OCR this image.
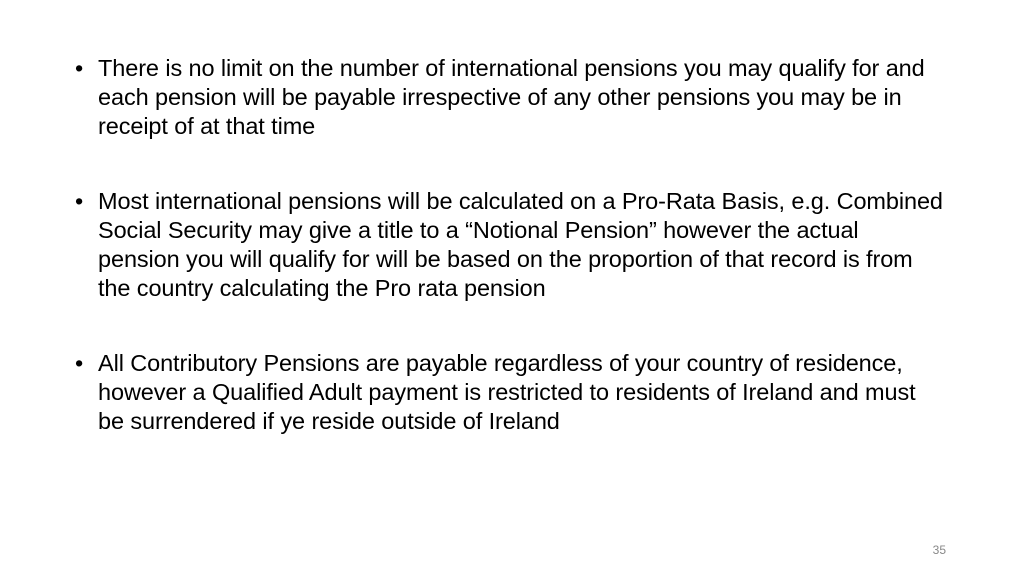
• There is no limit on the number of international pensions you may qualify for and each pension will be payable irrespective of any other pensions you may be in receipt of at that time
• Most international pensions will be calculated on a Pro-Rata Basis, e.g. Combined Social Security may give a title to a “Notional Pension” however the actual pension you will qualify for will be based on the proportion of that record is from the country calculating the Pro rata pension
• All Contributory Pensions are payable regardless of your country of residence, however a Qualified Adult payment is restricted to residents of Ireland and must be surrendered if ye reside outside of Ireland
35
